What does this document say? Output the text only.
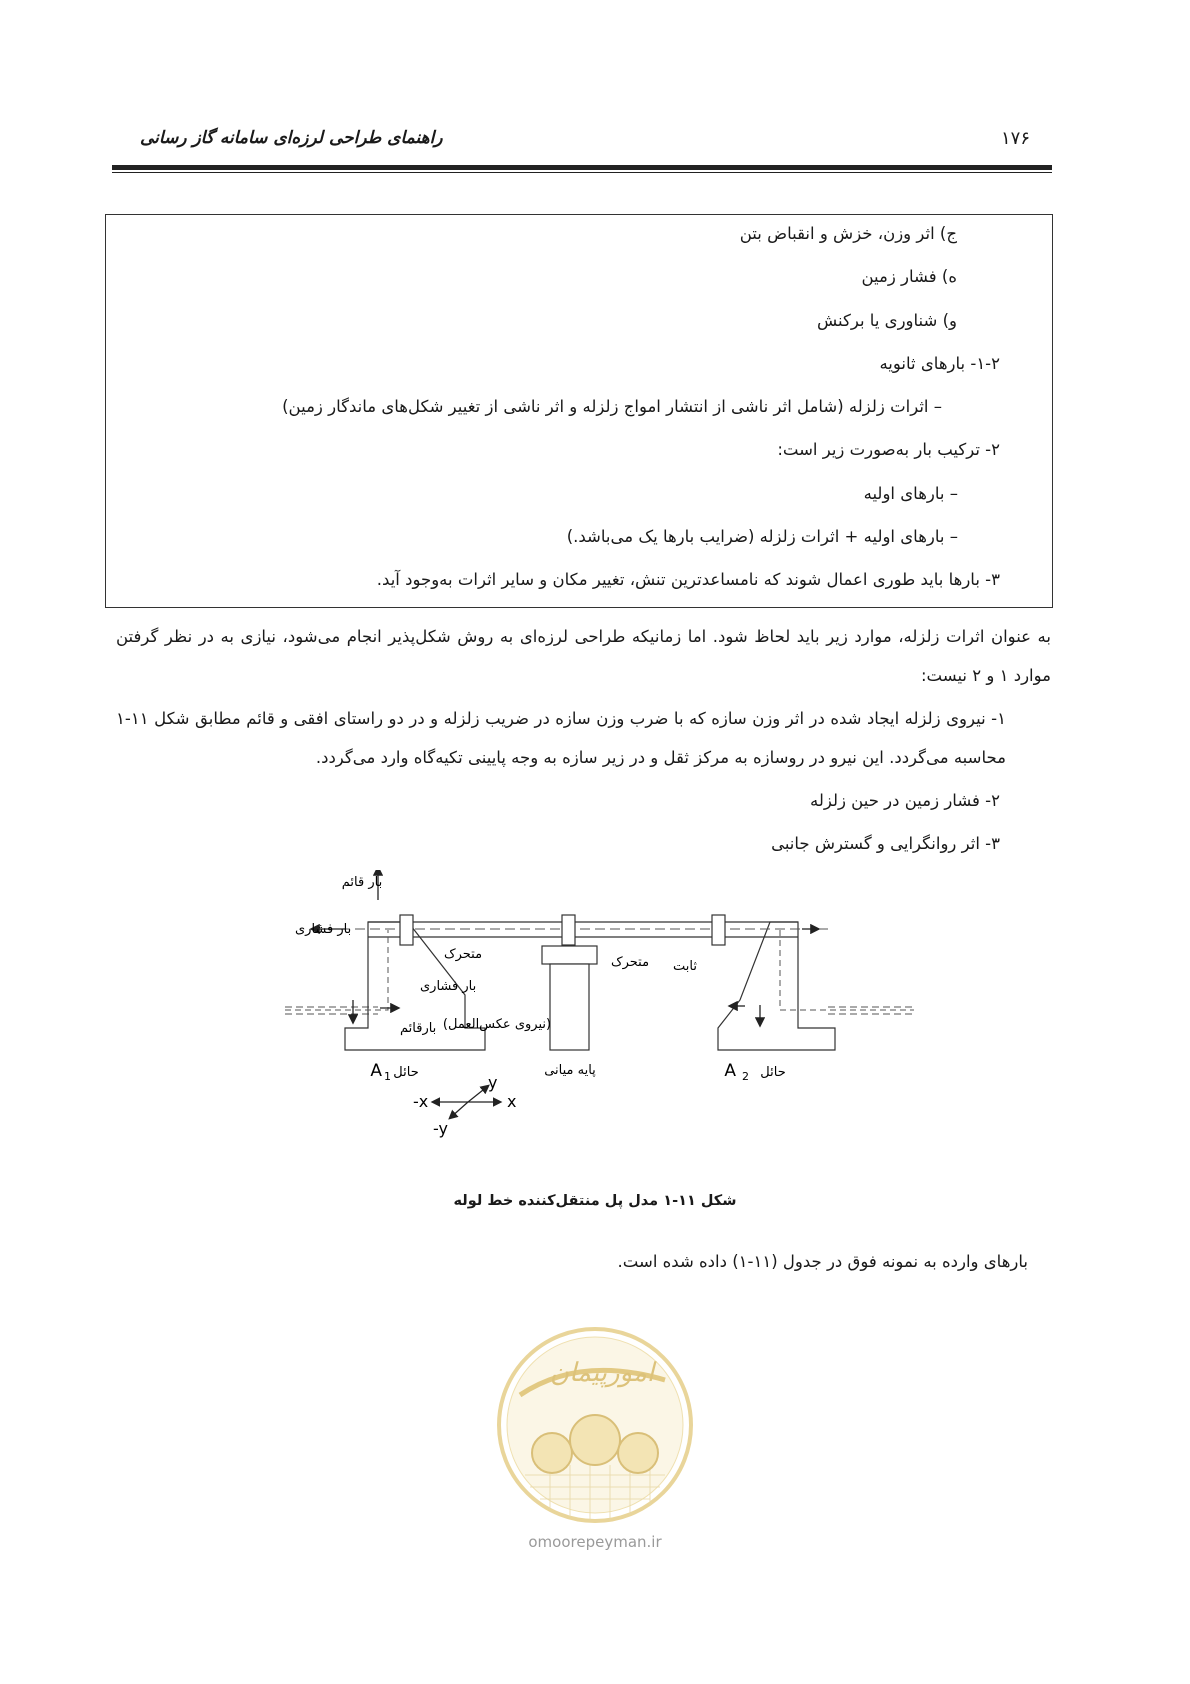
راهنمای طراحی لرزه‌ای سامانه گاز رسانی	۱۷۶
ج) اثر وزن، خزش و انقباض بتن
ه) فشار زمین
و) شناوری یا برکنش
۱-۲- بارهای ثانویه
– اثرات زلزله (شامل اثر ناشی از انتشار امواج زلزله و اثر ناشی از تغییر شکل‌های ماندگار زمین)
۲- ترکیب بار به‌صورت زیر است:
– بارهای اولیه
– بارهای اولیه + اثرات زلزله (ضرایب بارها یک می‌باشد.)
۳- بارها باید طوری اعمال شوند که نامساعدترین تنش، تغییر مکان و سایر اثرات به‌وجود آید.
به عنوان اثرات زلزله، موارد زیر باید لحاظ شود. اما زمانیکه طراحی لرزه‌ای به روش شکل‌پذیر انجام می‌شود، نیازی به در نظر گرفتن موارد ۱ و ۲ نیست:
۱- نیروی زلزله ایجاد شده در اثر وزن سازه که با ضرب وزن سازه در ضریب زلزله و در دو راستای افقی و قائم مطابق شکل ۱۱-۱ محاسبه می‌گردد. این نیرو در روسازه به مرکز ثقل و در زیر سازه به وجه پایینی تکیه‌گاه وارد می‌گردد.
۲- فشار زمین در حین زلزله
۳- اثر روانگرایی و گسترش جانبی
بار قائم
بار فشاری
متحرک
بار فشاری
بارقائم (نیروی عکس‌العمل)
متحرک ثابت
A 1 حائل	پایه میانی	A 2 حائل
y
-x	x
-y
شکل ۱۱-۱ مدل پل منتقل‌کننده خط لوله
بارهای وارده به نمونه فوق در جدول (۱۱-۱) داده شده است.
امورپیمان
omoorepeyman.ir
